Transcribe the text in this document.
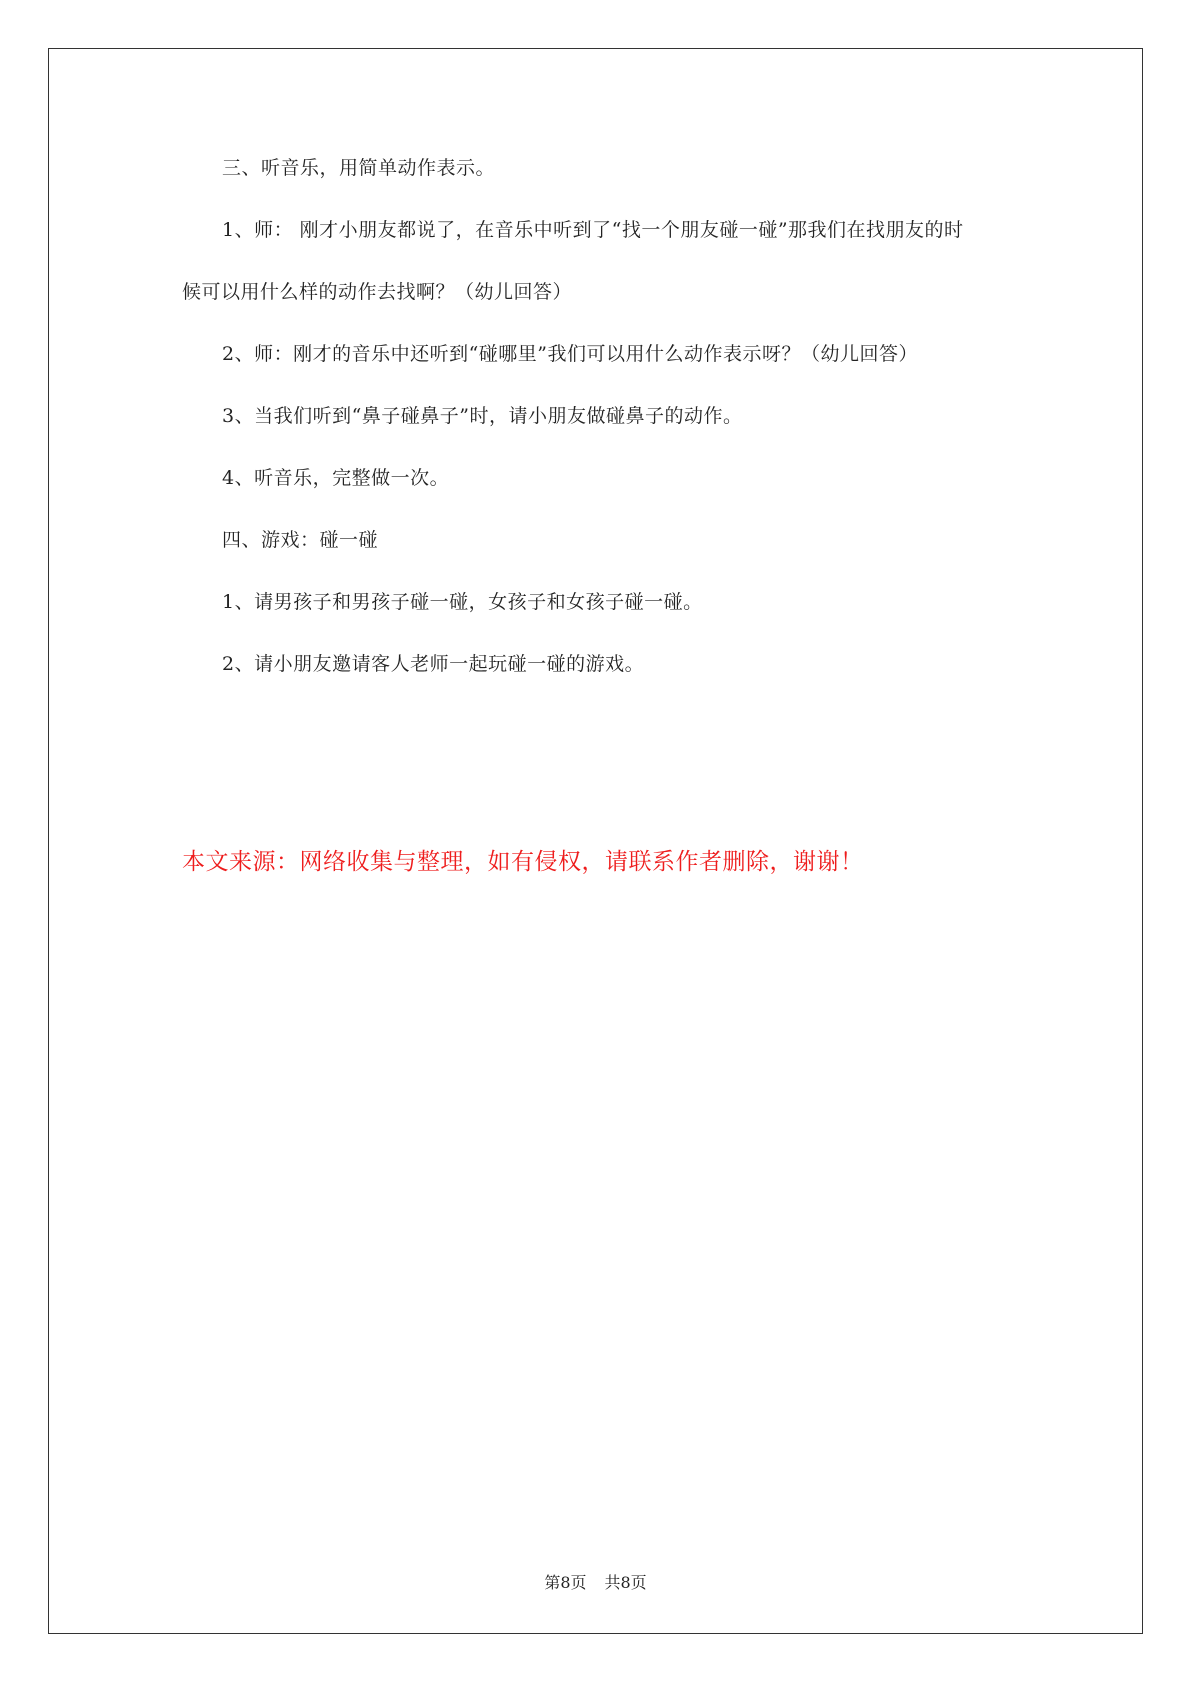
三、听音乐，用简单动作表示。
1、师： 刚才小朋友都说了，在音乐中听到了“找一个朋友碰一碰”那我们在找朋友的时
候可以用什么样的动作去找啊？（幼儿回答）
2、师：刚才的音乐中还听到“碰哪里”我们可以用什么动作表示呀？（幼儿回答）
3、当我们听到“鼻子碰鼻子”时，请小朋友做碰鼻子的动作。
4、听音乐，完整做一次。
四、游戏：碰一碰
1、请男孩子和男孩子碰一碰，女孩子和女孩子碰一碰。
2、请小朋友邀请客人老师一起玩碰一碰的游戏。
本文来源：网络收集与整理，如有侵权，请联系作者删除，谢谢！
第8页 共8页
